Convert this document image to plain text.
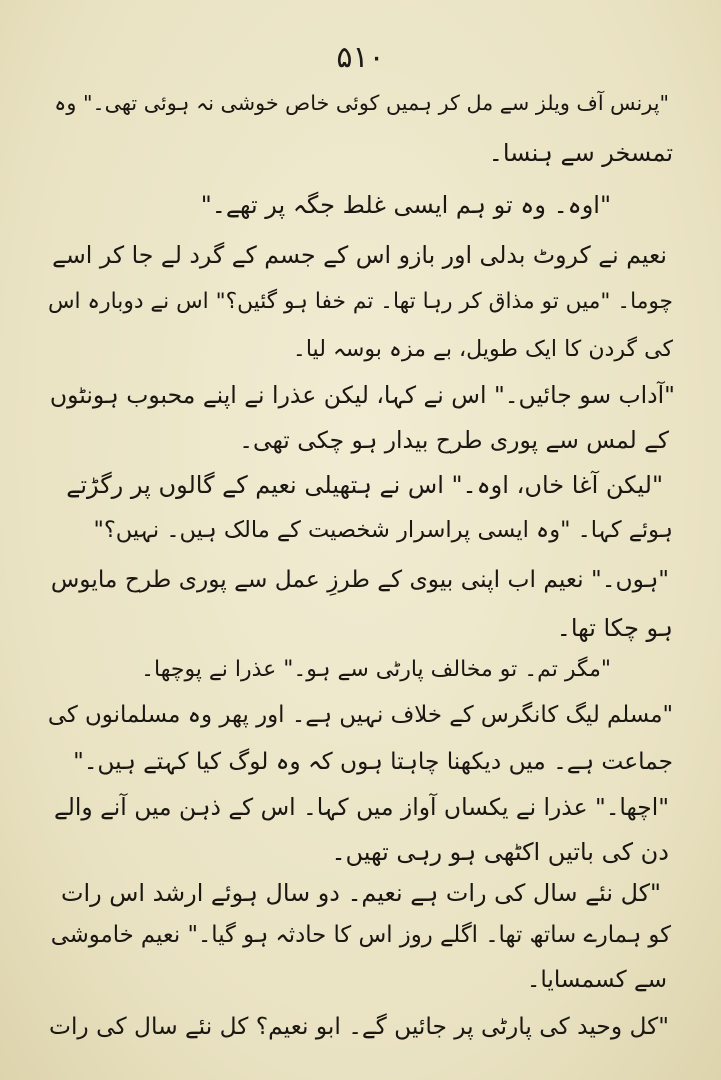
۵۱۰
"پرنس آف ویلز سے مل کر ہمیں کوئی خاص خوشی نہ ہوئی تھی۔" وہ
تمسخر سے ہنسا۔
"اوہ۔ وہ تو ہم ایسی غلط جگہ پر تھے۔"
نعیم نے کروٹ بدلی اور بازو اس کے جسم کے گرد لے جا کر اسے
چوما۔ "میں تو مذاق کر رہا تھا۔ تم خفا ہو گئیں؟" اس نے دوبارہ اس
کی گردن کا ایک طویل، بے مزہ بوسہ لیا۔
"آداب سو جائیں۔" اس نے کہا، لیکن عذرا نے اپنے محبوب ہونٹوں
کے لمس سے پوری طرح بیدار ہو چکی تھی۔
"لیکن آغا خاں، اوہ۔" اس نے ہتھیلی نعیم کے گالوں پر رگڑتے
ہوئے کہا۔ "وہ ایسی پراسرار شخصیت کے مالک ہیں۔ نہیں؟"
"ہوں۔" نعیم اب اپنی بیوی کے طرزِ عمل سے پوری طرح مایوس
ہو چکا تھا۔
"مگر تم۔ تو مخالف پارٹی سے ہو۔" عذرا نے پوچھا۔
"مسلم لیگ کانگرس کے خلاف نہیں ہے۔ اور پھر وہ مسلمانوں کی
جماعت ہے۔ میں دیکھنا چاہتا ہوں کہ وہ لوگ کیا کہتے ہیں۔"
"اچھا۔" عذرا نے یکساں آواز میں کہا۔ اس کے ذہن میں آنے والے
دن کی باتیں اکٹھی ہو رہی تھیں۔
"کل نئے سال کی رات ہے نعیم۔ دو سال ہوئے ارشد اس رات
کو ہمارے ساتھ تھا۔ اگلے روز اس کا حادثہ ہو گیا۔" نعیم خاموشی
سے کسمسایا۔
"کل وحید کی پارٹی پر جائیں گے۔ ابو نعیم؟ کل نئے سال کی رات
